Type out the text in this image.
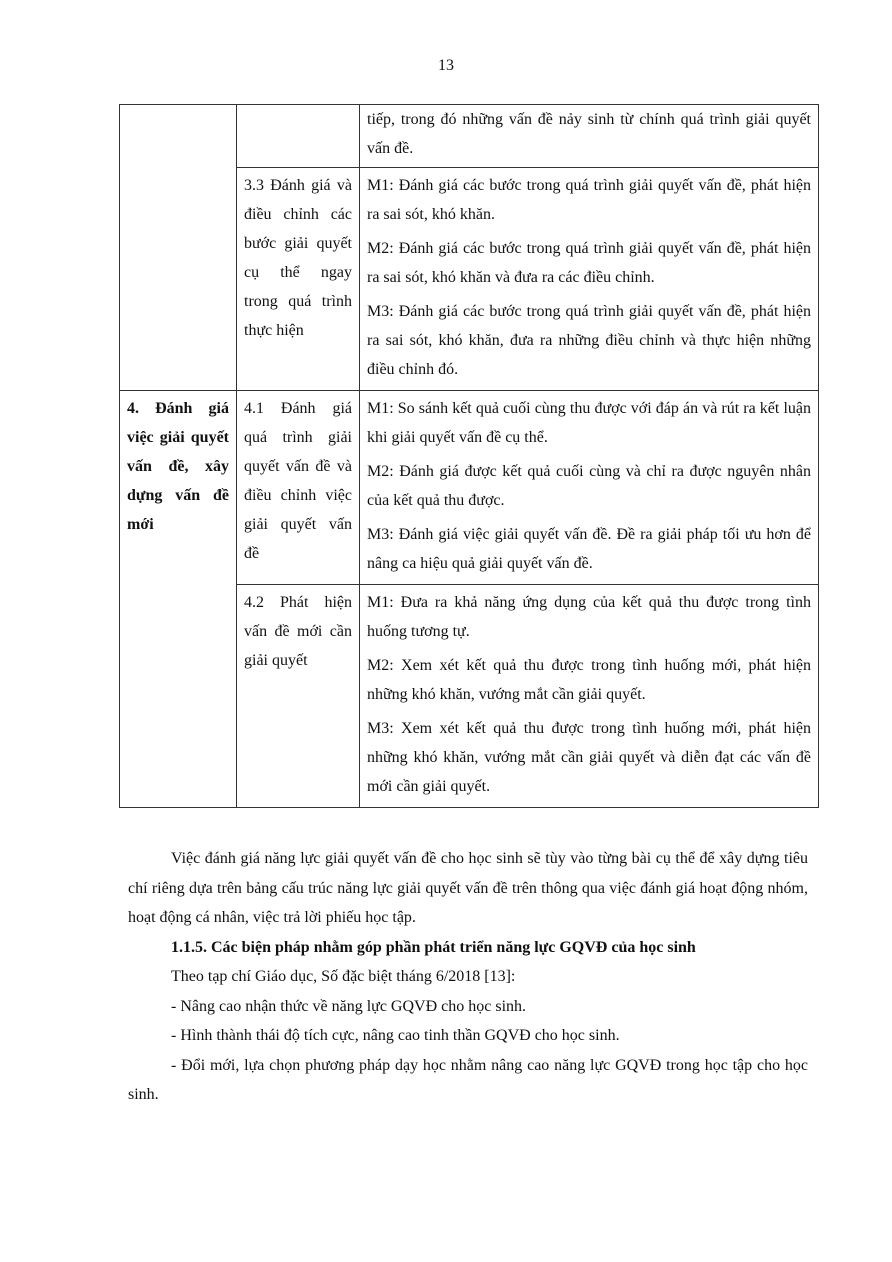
13

		tiếp, trong đó những vấn đề nảy sinh từ chính quá trình giải quyết vấn đề.

	3.3 Đánh giá và điều chỉnh các bước giải quyết cụ thể ngay trong quá trình thực hiện	M1: Đánh giá các bước trong quá trình giải quyết vấn đề, phát hiện ra sai sót, khó khăn.

M2: Đánh giá các bước trong quá trình giải quyết vấn đề, phát hiện ra sai sót, khó khăn và đưa ra các điều chỉnh.

M3: Đánh giá các bước trong quá trình giải quyết vấn đề, phát hiện ra sai sót, khó khăn, đưa ra những điều chỉnh và thực hiện những điều chỉnh đó.

4. Đánh giá việc giải quyết vấn đề, xây dựng vấn đề mới	4.1 Đánh giá quá trình giải quyết vấn đề và điều chỉnh việc giải quyết vấn đề	M1: So sánh kết quả cuối cùng thu được với đáp án và rút ra kết luận khi giải quyết vấn đề cụ thể.

M2: Đánh giá được kết quả cuối cùng và chỉ ra được nguyên nhân của kết quả thu được.

M3: Đánh giá việc giải quyết vấn đề. Đề ra giải pháp tối ưu hơn để nâng ca hiệu quả giải quyết vấn đề.

	4.2 Phát hiện vấn đề mới cần giải quyết	M1: Đưa ra khả năng ứng dụng của kết quả thu được trong tình huống tương tự.

M2: Xem xét kết quả thu được trong tình huống mới, phát hiện những khó khăn, vướng mắt cần giải quyết.

M3: Xem xét kết quả thu được trong tình huống mới, phát hiện những khó khăn, vướng mắt cần giải quyết và diễn đạt các vấn đề mới cần giải quyết.

Việc đánh giá năng lực giải quyết vấn đề cho học sinh sẽ tùy vào từng bài cụ thể để xây dựng tiêu chí riêng dựa trên bảng cấu trúc năng lực giải quyết vấn đề trên thông qua việc đánh giá hoạt động nhóm, hoạt động cá nhân, việc trả lời phiếu học tập.

1.1.5. Các biện pháp nhằm góp phần phát triển năng lực GQVĐ của học sinh

Theo tạp chí Giáo dục, Số đặc biệt tháng 6/2018 [13]:

- Nâng cao nhận thức về năng lực GQVĐ cho học sinh.

- Hình thành thái độ tích cực, nâng cao tinh thần GQVĐ cho học sinh.

- Đổi mới, lựa chọn phương pháp dạy học nhằm nâng cao năng lực GQVĐ trong học tập cho học sinh.
